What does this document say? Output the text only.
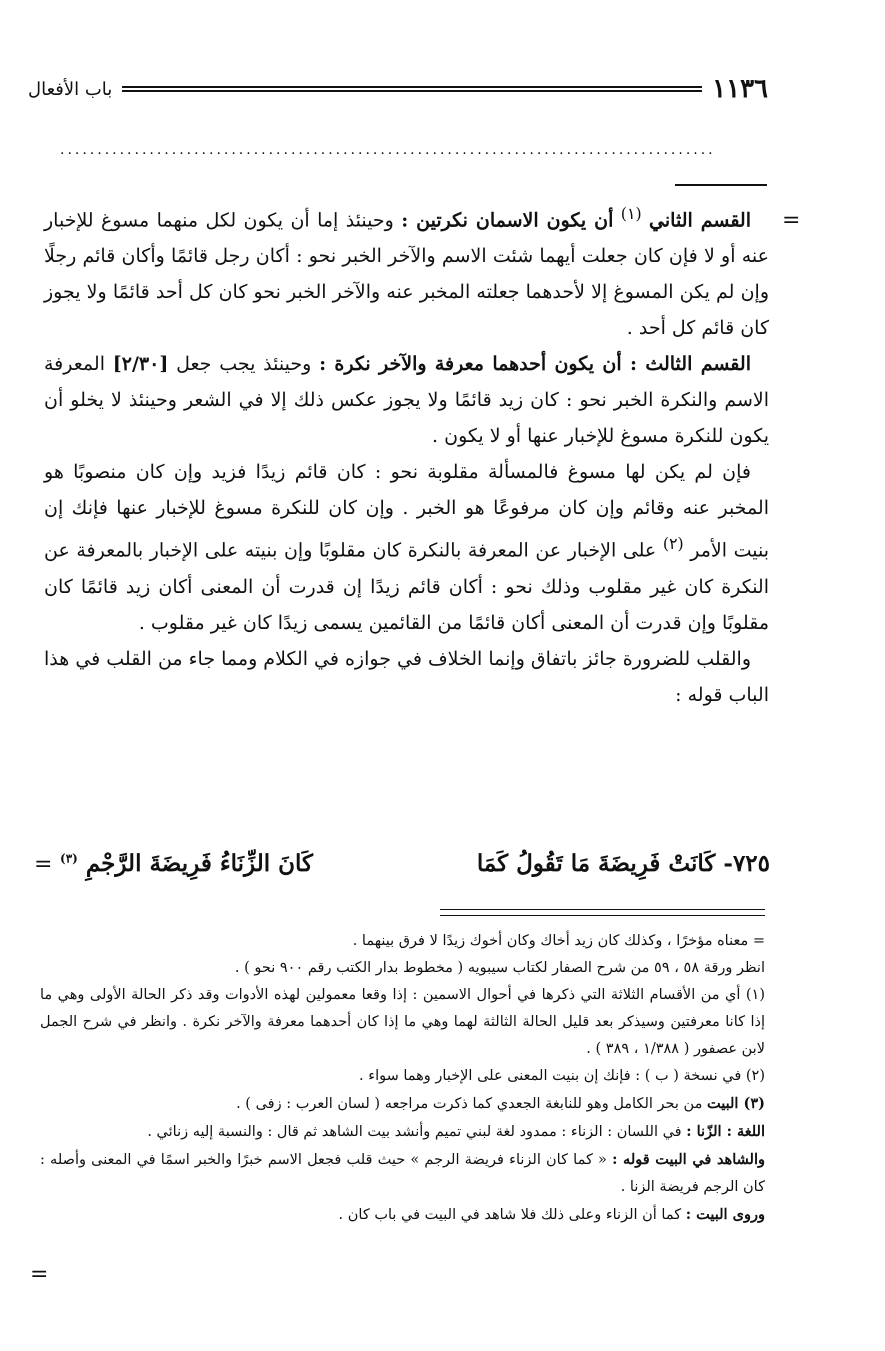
١١٣٦
باب الأفعال
........................................................................................
=

القسم الثاني $^{(١)}$ أن يكون الاسمان نكرتين : وحينئذ إما أن يكون لكل منهما مسوغ للإخبار عنه أو لا فإن كان جعلت أيهما شئت الاسم والآخر الخبر نحو : أكان رجل قائمًا وأكان قائم رجلًا وإن لم يكن المسوغ إلا لأحدهما جعلته المخبر عنه والآخر الخبر نحو كان كل أحد قائمًا ولا يجوز كان قائم كل أحد .

القسم الثالث : أن يكون أحدهما معرفة والآخر نكرة : وحينئذ يجب جعل [٢/٣٠] المعرفة الاسم والنكرة الخبر نحو : كان زيد قائمًا ولا يجوز عكس ذلك إلا في الشعر وحينئذ لا يخلو أن يكون للنكرة مسوغ للإخبار عنها أو لا يكون .

فإن لم يكن لها مسوغ فالمسألة مقلوبة نحو : كان قائم زيدًا فزيد وإن كان منصوبًا هو المخبر عنه وقائم وإن كان مرفوعًا هو الخبر . وإن كان للنكرة مسوغ للإخبار عنها فإنك إن بنيت الأمر $^{(٢)}$ على الإخبار عن المعرفة بالنكرة كان مقلوبًا وإن بنيته على الإخبار بالمعرفة عن النكرة كان غير مقلوب وذلك نحو : أكان قائم زيدًا إن قدرت أن المعنى أكان زيد قائمًا كان مقلوبًا وإن قدرت أن المعنى أكان قائمًا من القائمين يسمى زيدًا كان غير مقلوب .

والقلب للضرورة جائز باتفاق وإنما الخلاف في جوازه في الكلام ومما جاء من القلب في هذا الباب قوله :

٧٢٥- كَانَتْ فَرِيضَةَ مَا تَقُولُ كَمَا
كَانَ الزِّنَاءُ فَرِيضَةَ الرَّجْمِ $^{(٣)}$
=

= معناه مؤخرًا ، وكذلك كان زيد أخاك وكان أخوك زيدًا لا فرق بينهما .

انظر ورقة ٥٨ ، ٥٩ من شرح الصفار لكتاب سيبويه ( مخطوط بدار الكتب رقم ٩٠٠ نحو ) .

(١) أي من الأقسام الثلاثة التي ذكرها في أحوال الاسمين : إذا وقعا معمولين لهذه الأدوات وقد ذكر الحالة الأولى وهي ما إذا كانا معرفتين وسيذكر بعد قليل الحالة الثالثة لهما وهي ما إذا كان أحدهما معرفة والآخر نكرة . وانظر في شرح الجمل لابن عصفور ( ١/٣٨٨ ، ٣٨٩ ) .

(٢) في نسخة ( ب ) : فإنك إن بنيت المعنى على الإخبار وهما سواء .

(٣) البيت من بحر الكامل وهو للنابغة الجعدي كما ذكرت مراجعه ( لسان العرب : زفى ) .

اللغة : الزّنا : في اللسان : الزناء : ممدود لغة لبني تميم وأنشد بيت الشاهد ثم قال : والنسبة إليه زنائي .

والشاهد في البيت قوله : « كما كان الزناء فريضة الرجم » حيث قلب فجعل الاسم خبرًا والخبر اسمًا في المعنى وأصله : كان الرجم فريضة الزنا .

وروى البيت : كما أن الزناء وعلى ذلك فلا شاهد في البيت في باب كان .

=
